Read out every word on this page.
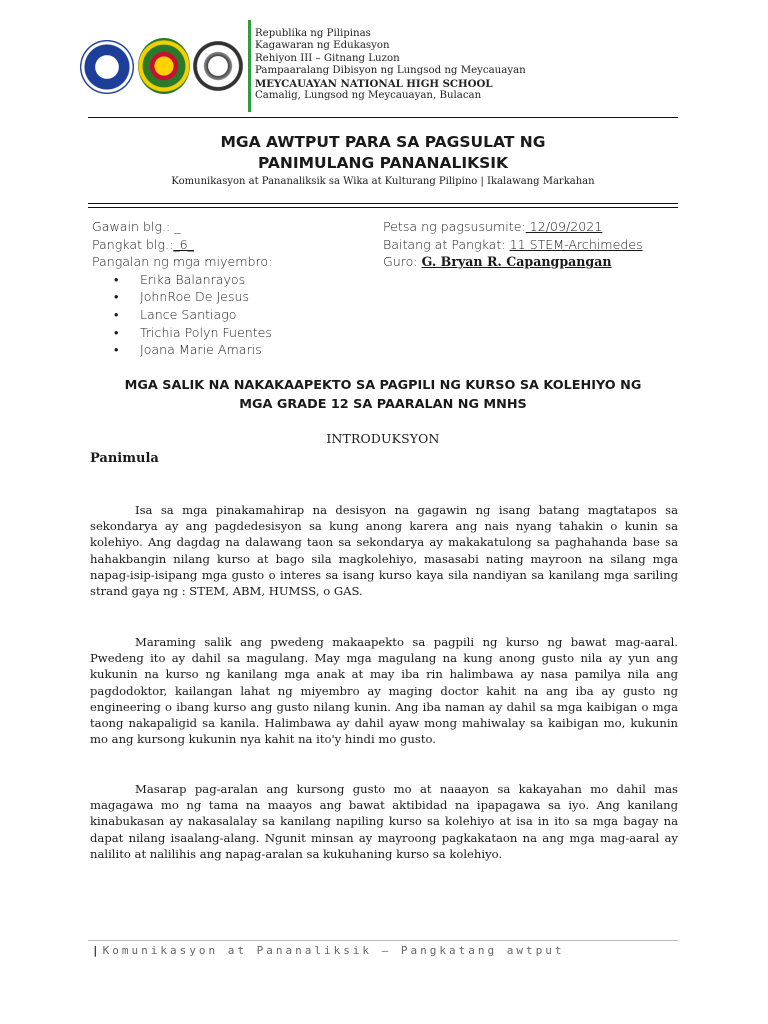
Republika ng Pilipinas
Kagawaran ng Edukasyon
Rehiyon III – Gitnang Luzon
Pampaaralang Dibisyon ng Lungsod ng Meycauayan
MEYCAUAYAN NATIONAL HIGH SCHOOL
Camalig, Lungsod ng Meycauayan, Bulacan
MGA AWTPUT PARA SA PAGSULAT NG
PANIMULANG PANANALIKSIK
Komunikasyon at Pananaliksik sa Wika at Kulturang Pilipino | Ikalawang Markahan
Gawain blg.: _
Pangkat blg.:_6_
Pangalan ng mga miyembro:
• Erika Balanrayos
• JohnRoe De Jesus
• Lance Santiago
• Trichia Polyn Fuentes
• Joana Marie Amaris
Petsa ng pagsusumite: 12/09/2021
Baitang at Pangkat: 11 STEM-Archimedes
Guro: G. Bryan R. Capangpangan
MGA SALIK NA NAKAKAAPEKTO SA PAGPILI NG KURSO SA KOLEHIYO NG
MGA GRADE 12 SA PAARALAN NG MNHS
INTRODUKSYON
Panimula
Isa sa mga pinakamahirap na desisyon na gagawin ng isang batang magtatapos sa sekondarya ay ang pagdedesisyon sa kung anong karera ang nais nyang tahakin o kunin sa kolehiyo. Ang dagdag na dalawang taon sa sekondarya ay makakatulong sa paghahanda base sa hahakbangin nilang kurso at bago sila magkolehiyo, masasabi nating mayroon na silang mga napag-isip-isipang mga gusto o interes sa isang kurso kaya sila nandiyan sa kanilang mga sariling strand gaya ng : STEM, ABM, HUMSS, o GAS.
Maraming salik ang pwedeng makaapekto sa pagpili ng kurso ng bawat mag-aaral. Pwedeng ito ay dahil sa magulang. May mga magulang na kung anong gusto nila ay yun ang kukunin na kurso ng kanilang mga anak at may iba rin halimbawa ay nasa pamilya nila ang pagdodoktor, kailangan lahat ng miyembro ay maging doctor kahit na ang iba ay gusto ng engineering o ibang kurso ang gusto nilang kunin. Ang iba naman ay dahil sa mga kaibigan o mga taong nakapaligid sa kanila. Halimbawa ay dahil ayaw mong mahiwalay sa kaibigan mo, kukunin mo ang kursong kukunin nya kahit na ito'y hindi mo gusto.
Masarap pag-aralan ang kursong gusto mo at naaayon sa kakayahan mo dahil mas magagawa mo ng tama na maayos ang bawat aktibidad na ipapagawa sa iyo. Ang kanilang kinabukasan ay nakasalalay sa kanilang napiling kurso sa kolehiyo at isa in ito sa mga bagay na dapat nilang isaalang-alang. Ngunit minsan ay mayroong pagkakataon na ang mga mag-aaral ay nalilito at nalilihis ang napag-aralan sa kukuhaning kurso sa kolehiyo.
| Komunikasyon at Pananaliksik – Pangkatang awtput
